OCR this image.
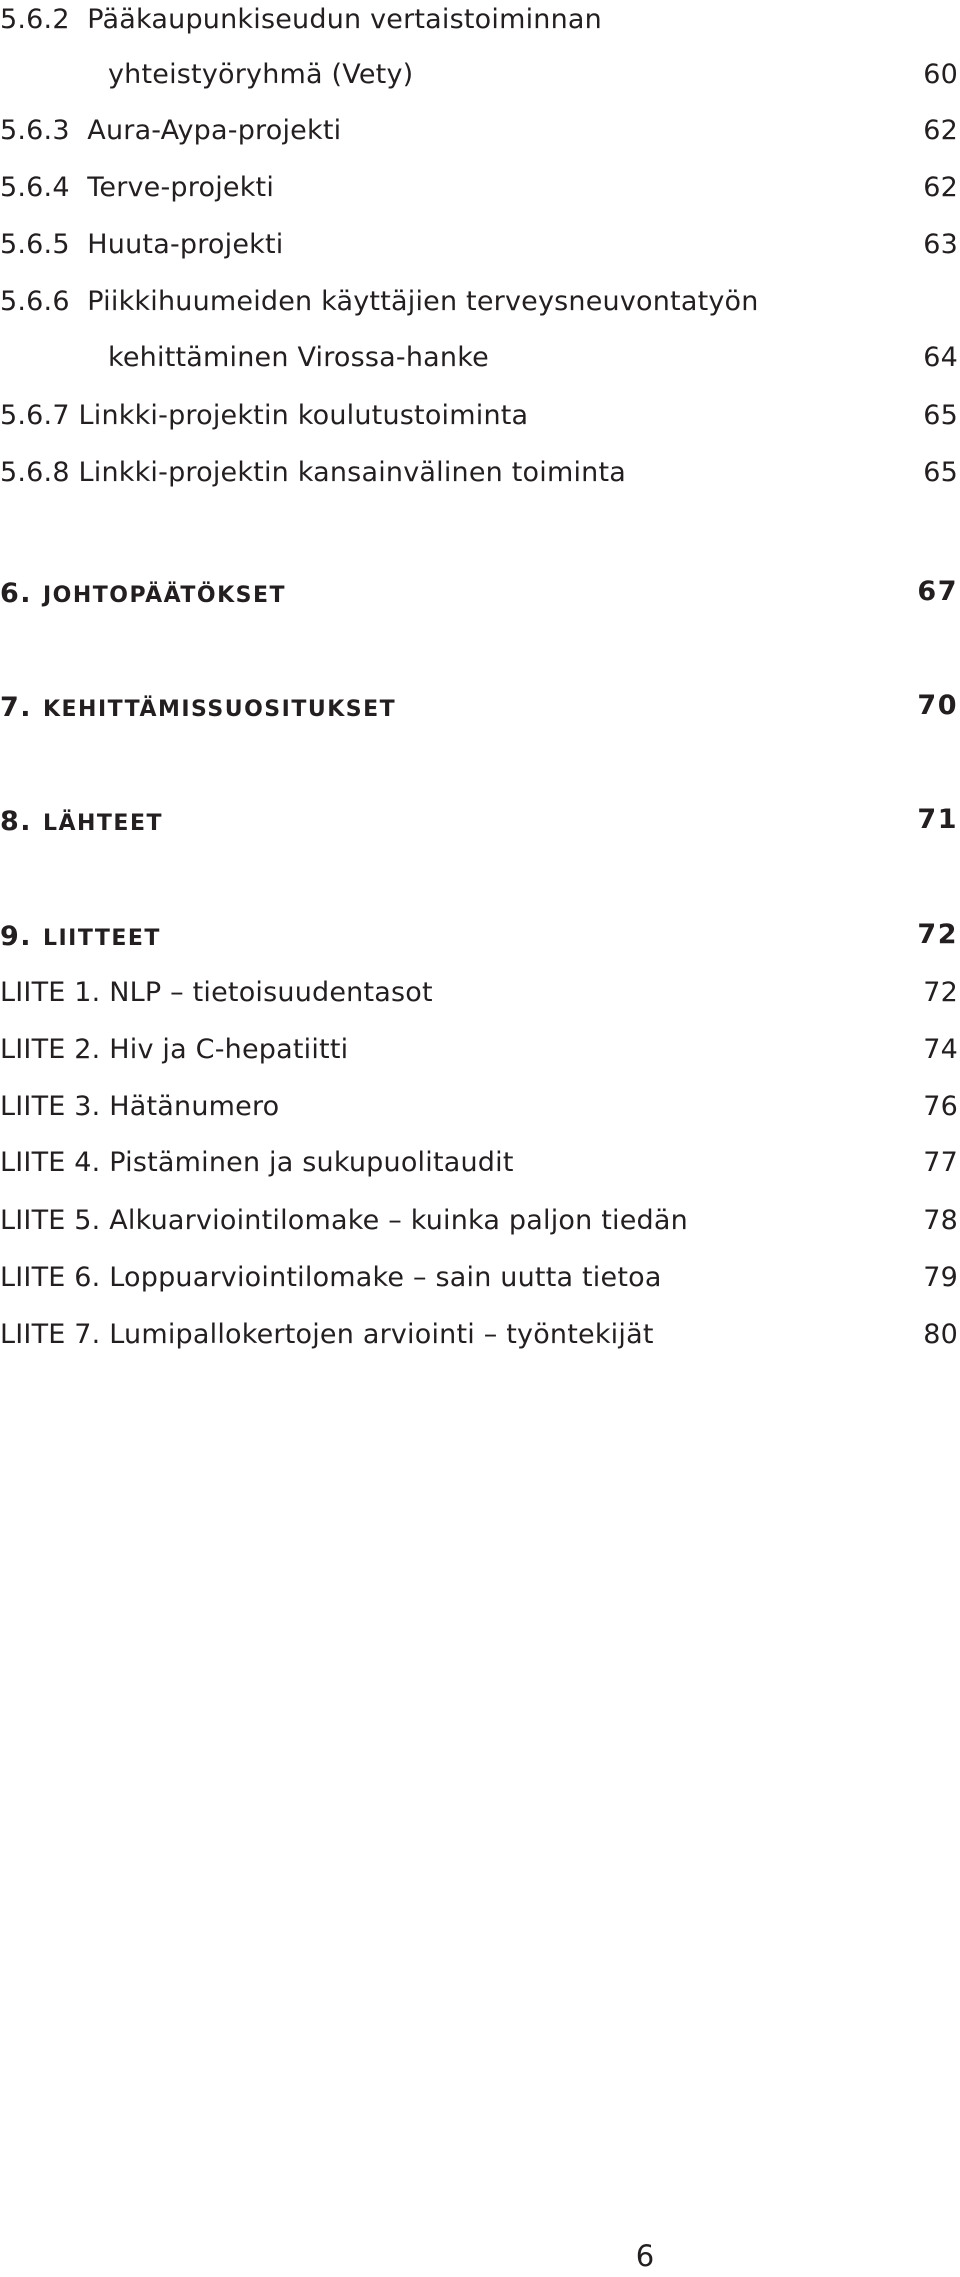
5.6.2 Pääkaupunkiseudun vertaistoiminnan
yhteistyöryhmä (Vety)	60
5.6.3 Aura-Aypa-projekti	62
5.6.4 Terve-projekti	62
5.6.5 Huuta-projekti	63
5.6.6 Piikkihuumeiden käyttäjien terveysneuvontatyön
kehittäminen Virossa-hanke	64
5.6.7 Linkki-projektin koulutustoiminta	65
5.6.8 Linkki-projektin kansainvälinen toiminta	65
6. johtopäätökset	67
7. kehittämissuositukset	70
8. lähteet	71
9. liitteet	72
LIITE 1. NLP – tietoisuudentasot	72
LIITE 2. Hiv ja C-hepatiitti	74
LIITE 3. Hätänumero	76
LIITE 4. Pistäminen ja sukupuolitaudit	77
LIITE 5. Alkuarviointilomake – kuinka paljon tiedän	78
LIITE 6. Loppuarviointilomake – sain uutta tietoa	79
LIITE 7. Lumipallokertojen arviointi – työntekijät	80
6
